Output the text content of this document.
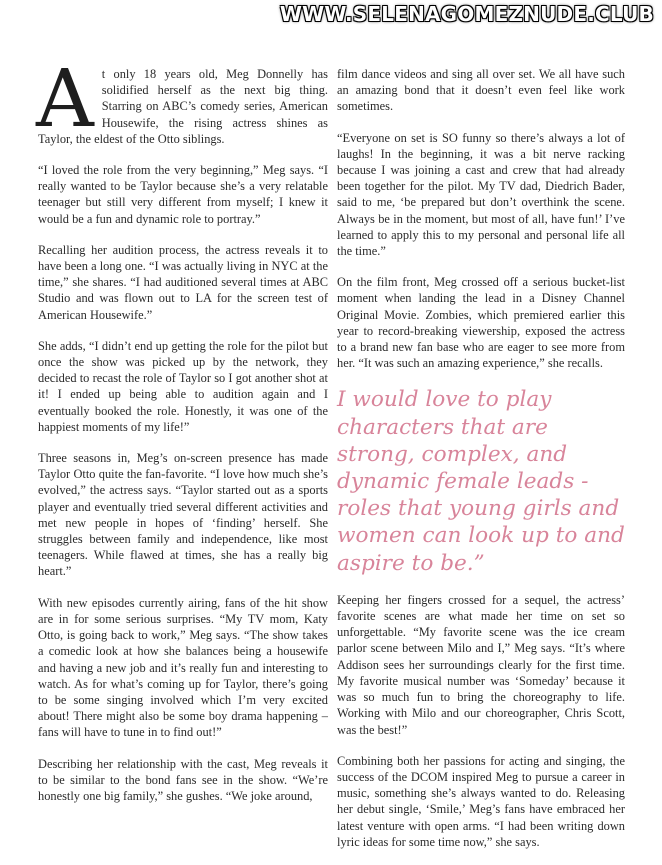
WWW.SELENAGOMEZNUDE.CLUB

At only 18 years old, Meg Donnelly has solidified herself as the next big thing. Starring on ABC’s comedy series, American Housewife, the rising actress shines as Taylor, the eldest of the Otto siblings.

“I loved the role from the very beginning,” Meg says. “I really wanted to be Taylor because she’s a very relatable teenager but still very different from myself; I knew it would be a fun and dynamic role to portray.”

Recalling her audition process, the actress reveals it to have been a long one. “I was actually living in NYC at the time,” she shares. “I had auditioned several times at ABC Studio and was flown out to LA for the screen test of American Housewife.”

She adds, “I didn’t end up getting the role for the pilot but once the show was picked up by the network, they decided to recast the role of Taylor so I got another shot at it! I ended up being able to audition again and I eventually booked the role. Honestly, it was one of the happiest moments of my life!”

Three seasons in, Meg’s on-screen presence has made Taylor Otto quite the fan-favorite. “I love how much she’s evolved,” the actress says. “Taylor started out as a sports player and eventually tried several different activities and met new people in hopes of ‘finding’ herself. She struggles between family and independence, like most teenagers. While flawed at times, she has a really big heart.”

With new episodes currently airing, fans of the hit show are in for some serious surprises. “My TV mom, Katy Otto, is going back to work,” Meg says. “The show takes a comedic look at how she balances being a housewife and having a new job and it’s really fun and interesting to watch. As for what’s coming up for Taylor, there’s going to be some singing involved which I’m very excited about! There might also be some boy drama happening – fans will have to tune in to find out!”

Describing her relationship with the cast, Meg reveals it to be similar to the bond fans see in the show. “We’re honestly one big family,” she gushes. “We joke around,

film dance videos and sing all over set. We all have such an amazing bond that it doesn’t even feel like work sometimes.

“Everyone on set is SO funny so there’s always a lot of laughs! In the beginning, it was a bit nerve racking because I was joining a cast and crew that had already been together for the pilot. My TV dad, Diedrich Bader, said to me, ‘be prepared but don’t overthink the scene. Always be in the moment, but most of all, have fun!’ I’ve learned to apply this to my personal and personal life all the time.”

On the film front, Meg crossed off a serious bucket-list moment when landing the lead in a Disney Channel Original Movie. Zombies, which premiered earlier this year to record-breaking viewership, exposed the actress to a brand new fan base who are eager to see more from her. “It was such an amazing experience,” she recalls.

I would love to play characters that are strong, complex, and dynamic female leads - roles that young girls and women can look up to and aspire to be.”

Keeping her fingers crossed for a sequel, the actress’ favorite scenes are what made her time on set so unforgettable. “My favorite scene was the ice cream parlor scene between Milo and I,” Meg says. “It’s where Addison sees her surroundings clearly for the first time. My favorite musical number was ‘Someday’ because it was so much fun to bring the choreography to life. Working with Milo and our choreographer, Chris Scott, was the best!”

Combining both her passions for acting and singing, the success of the DCOM inspired Meg to pursue a career in music, something she’s always wanted to do. Releasing her debut single, ‘Smile,’ Meg’s fans have embraced her latest venture with open arms. “I had been writing down lyric ideas for some time now,” she says.
